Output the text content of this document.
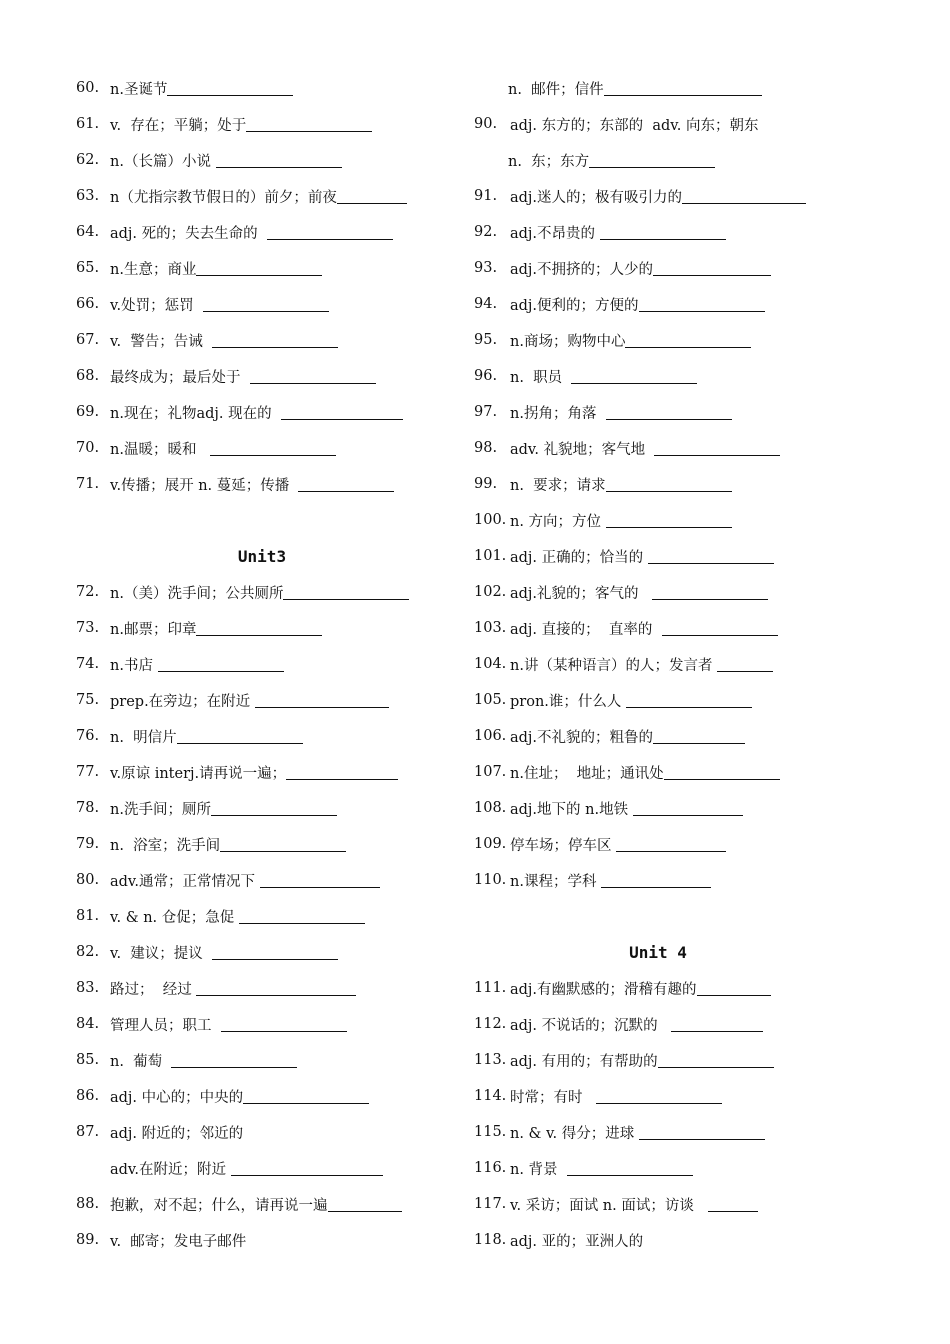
60. n.圣诞节
61. v.  存在；平躺；处于
62. n.（长篇）小说
63. n（尤指宗教节假日的）前夕；前夜
64. adj. 死的；失去生命的
65. n.生意；商业
66. v.处罚；惩罚
67. v.  警告；告诫
68. 最终成为；最后处于
69. n.现在；礼物adj. 现在的
70. n.温暖；暖和
71. v.传播；展开 n. 蔓延；传播
Unit3
72. n.（美）洗手间；公共厕所
73. n.邮票；印章
74. n.书店
75. prep.在旁边；在附近
76. n.  明信片
77. v.原谅 interj.请再说一遍；
78. n.洗手间；厕所
79. n.  浴室；洗手间
80. adv.通常；正常情况下
81. v. & n. 仓促；急促
82. v.  建议；提议
83. 路过；  经过
84. 管理人员；职工
85. n.  葡萄
86. adj. 中心的；中央的
87. adj. 附近的；邻近的
adv.在附近；附近
88. 抱歉，对不起；什么，请再说一遍
89. v.  邮寄；发电子邮件
n.  邮件；信件
90. adj. 东方的；东部的  adv. 向东；朝东
n.  东；东方
91. adj.迷人的；极有吸引力的
92. adj.不昂贵的
93. adj.不拥挤的；人少的
94. adj.便利的；方便的
95. n.商场；购物中心
96. n.  职员
97. n.拐角；角落
98. adv. 礼貌地；客气地
99. n.  要求；请求
100. n. 方向；方位
101. adj. 正确的；恰当的
102. adj.礼貌的；客气的
103. adj. 直接的；  直率的
104. n.讲（某种语言）的人；发言者
105. pron.谁；什么人
106. adj.不礼貌的；粗鲁的
107. n.住址；  地址；通讯处
108. adj.地下的 n.地铁
109. 停车场；停车区
110. n.课程；学科
Unit 4
111. adj.有幽默感的；滑稽有趣的
112. adj. 不说话的；沉默的
113. adj. 有用的；有帮助的
114. 时常；有时
115. n. & v. 得分；进球
116. n. 背景
117. v. 采访；面试 n. 面试；访谈
118. adj. 亚的；亚洲人的
